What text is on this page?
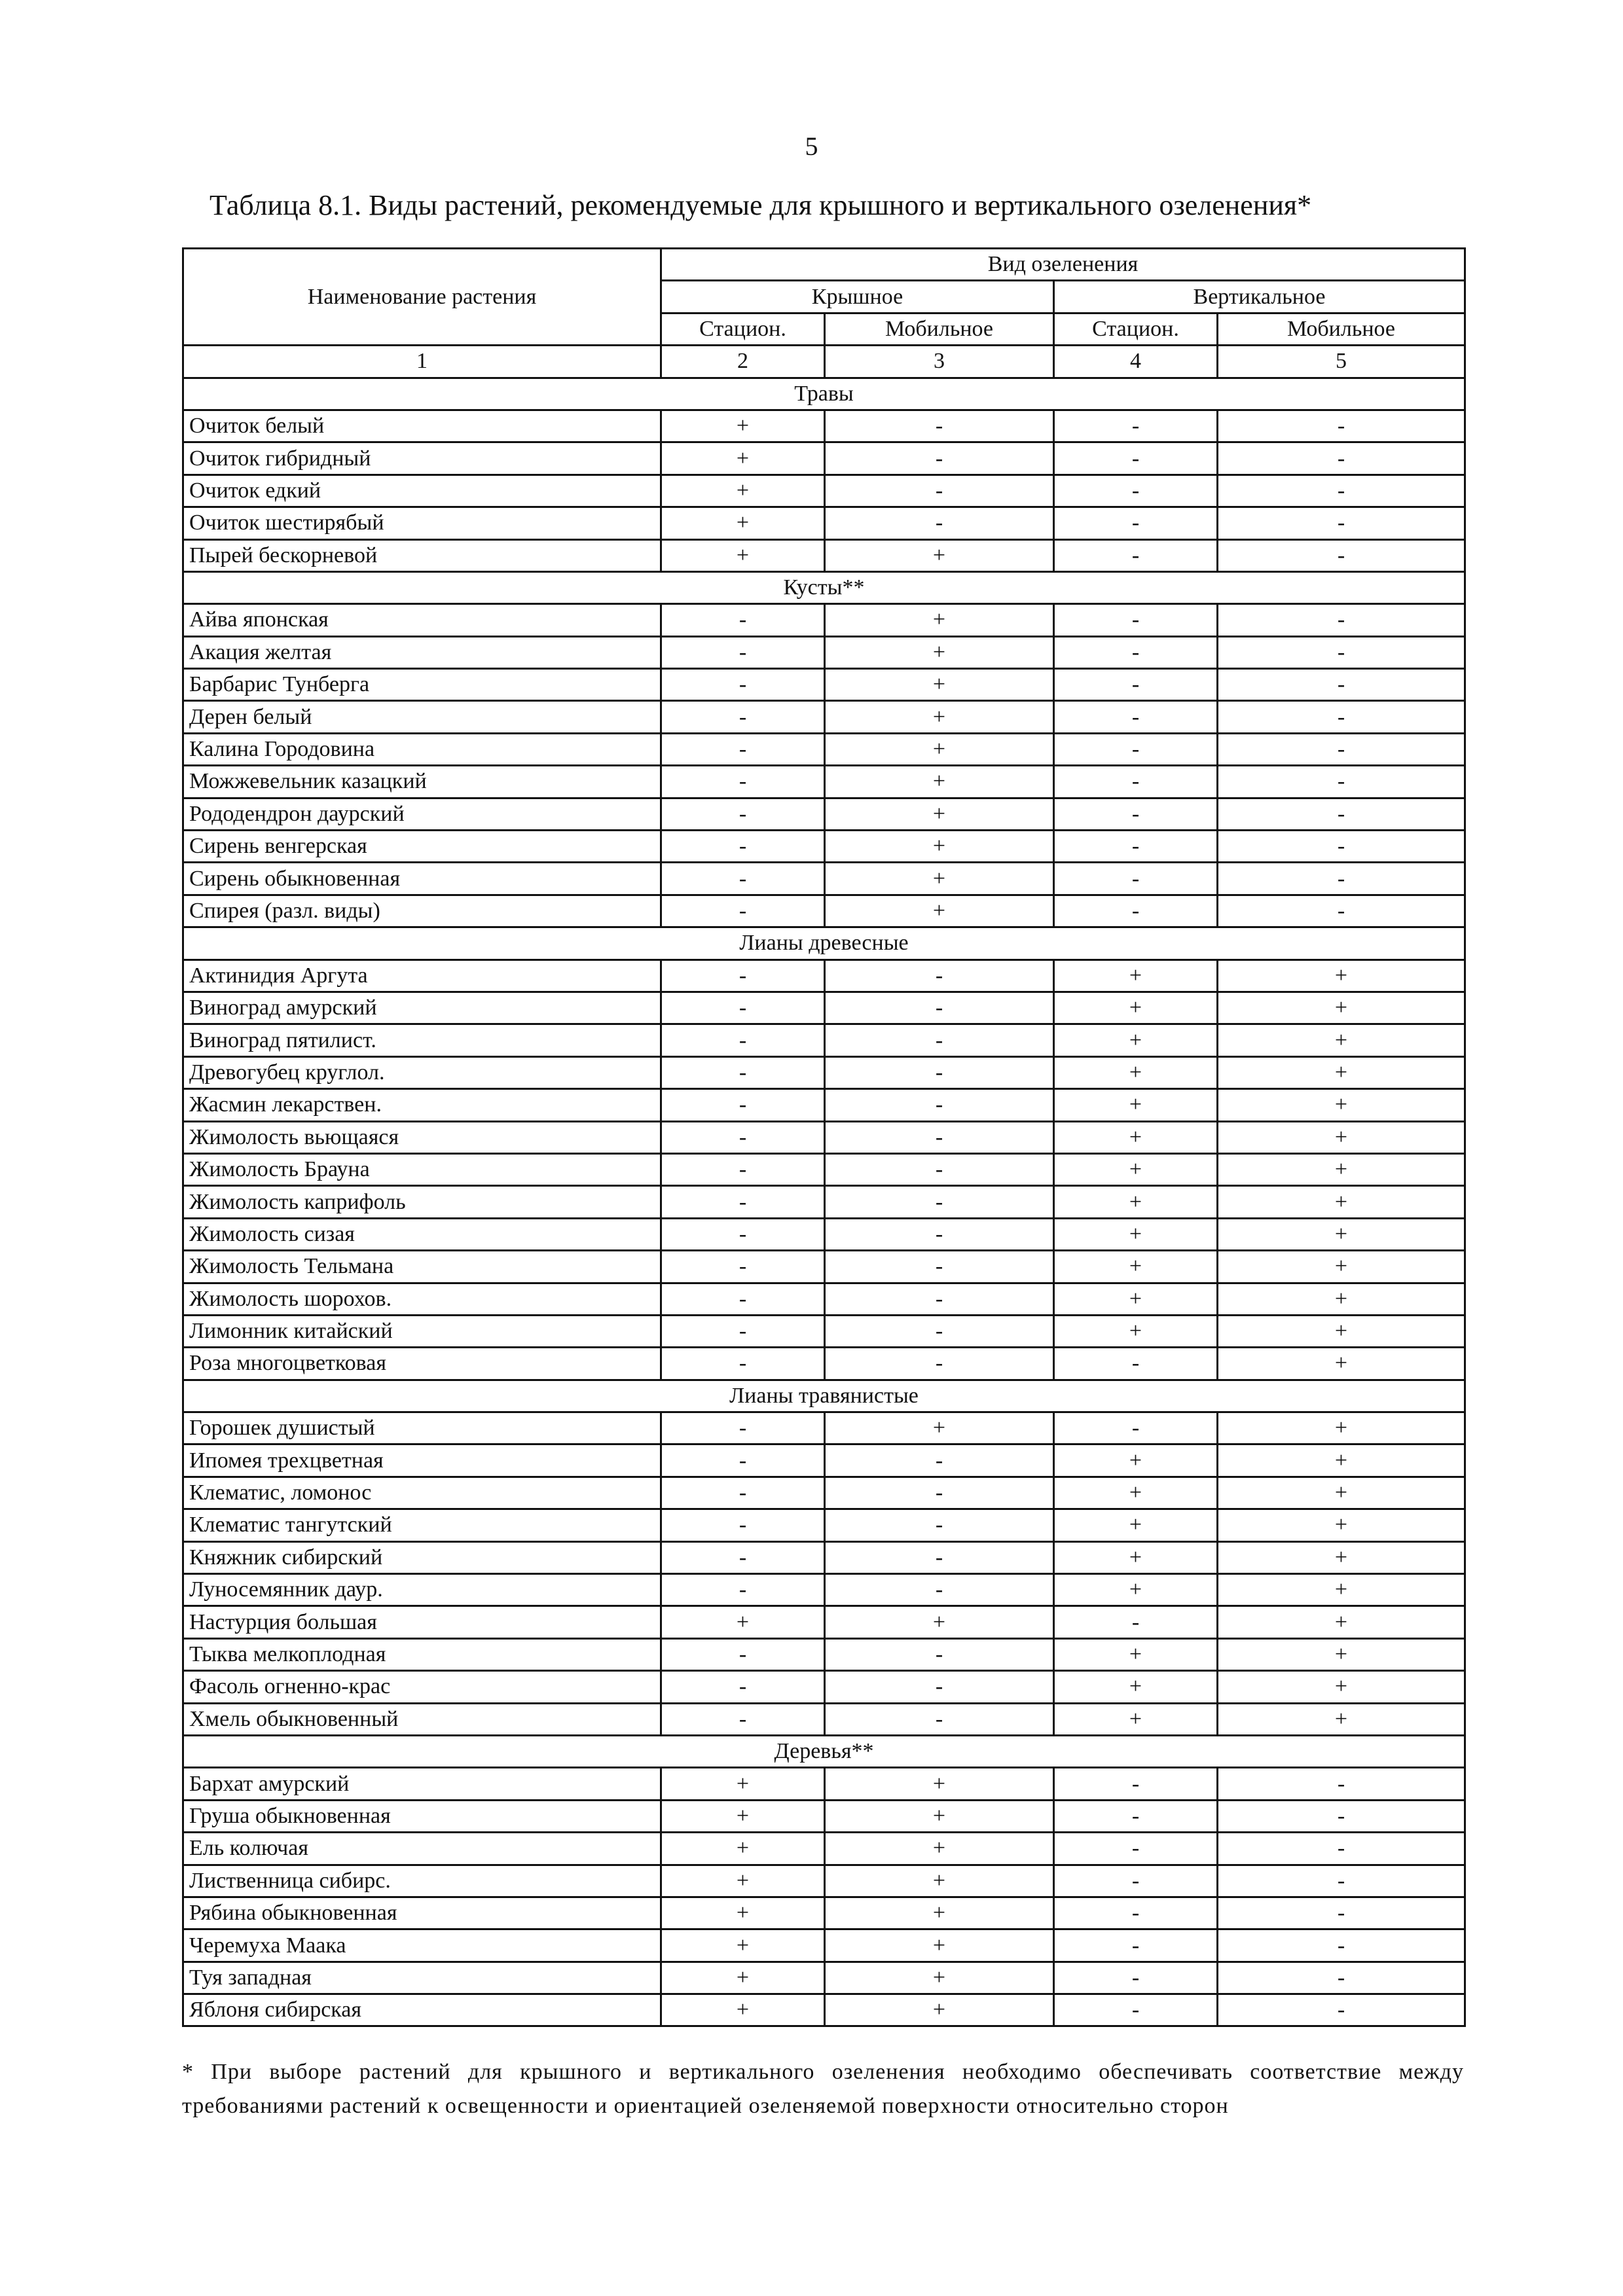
5
Таблица 8.1. Виды растений, рекомендуемые для крышного и вертикального озеленения*
Наименование растения	Вид озеленения			
	Крышное		Вертикальное	
	Стацион.	Мобильное	Стацион.	Мобильное
1	2	3	4	5
Травы				
Очиток белый	+	-	-	-
Очиток гибридный	+	-	-	-
Очиток едкий	+	-	-	-
Очиток шестирябый	+	-	-	-
Пырей бескорневой	+	+	-	-
Кусты**				
Айва японская	-	+	-	-
Акация желтая	-	+	-	-
Барбарис Тунберга	-	+	-	-
Дерен белый	-	+	-	-
Калина Городовина	-	+	-	-
Можжевельник казацкий	-	+	-	-
Рододендрон даурский	-	+	-	-
Сирень венгерская	-	+	-	-
Сирень обыкновенная	-	+	-	-
Спирея (разл. виды)	-	+	-	-
Лианы древесные				
Актинидия Аргута	-	-	+	+
Виноград амурский	-	-	+	+
Виноград пятилист.	-	-	+	+
Древогубец круглол.	-	-	+	+
Жасмин лекарствен.	-	-	+	+
Жимолость вьющаяся	-	-	+	+
Жимолость Брауна	-	-	+	+
Жимолость каприфоль	-	-	+	+
Жимолость сизая	-	-	+	+
Жимолость Тельмана	-	-	+	+
Жимолость шорохов.	-	-	+	+
Лимонник китайский	-	-	+	+
Роза многоцветковая	-	-	-	+
Лианы травянистые				
Горошек душистый	-	+	-	+
Ипомея трехцветная	-	-	+	+
Клематис, ломонос	-	-	+	+
Клематис тангутский	-	-	+	+
Княжник сибирский	-	-	+	+
Луносемянник даур.	-	-	+	+
Настурция большая	+	+	-	+
Тыква мелкоплодная	-	-	+	+
Фасоль огненно-крас	-	-	+	+
Хмель обыкновенный	-	-	+	+
Деревья**				
Бархат амурский	+	+	-	-
Груша обыкновенная	+	+	-	-
Ель колючая	+	+	-	-
Лиственница сибирс.	+	+	-	-
Рябина обыкновенная	+	+	-	-
Черемуха Маака	+	+	-	-
Туя западная	+	+	-	-
Яблоня сибирская	+	+	-	-
* При выборе растений для крышного и вертикального озеленения необходимо обеспечивать соответствие между требованиями растений к освещенности и ориентацией озеленяемой поверхности относительно сторон
